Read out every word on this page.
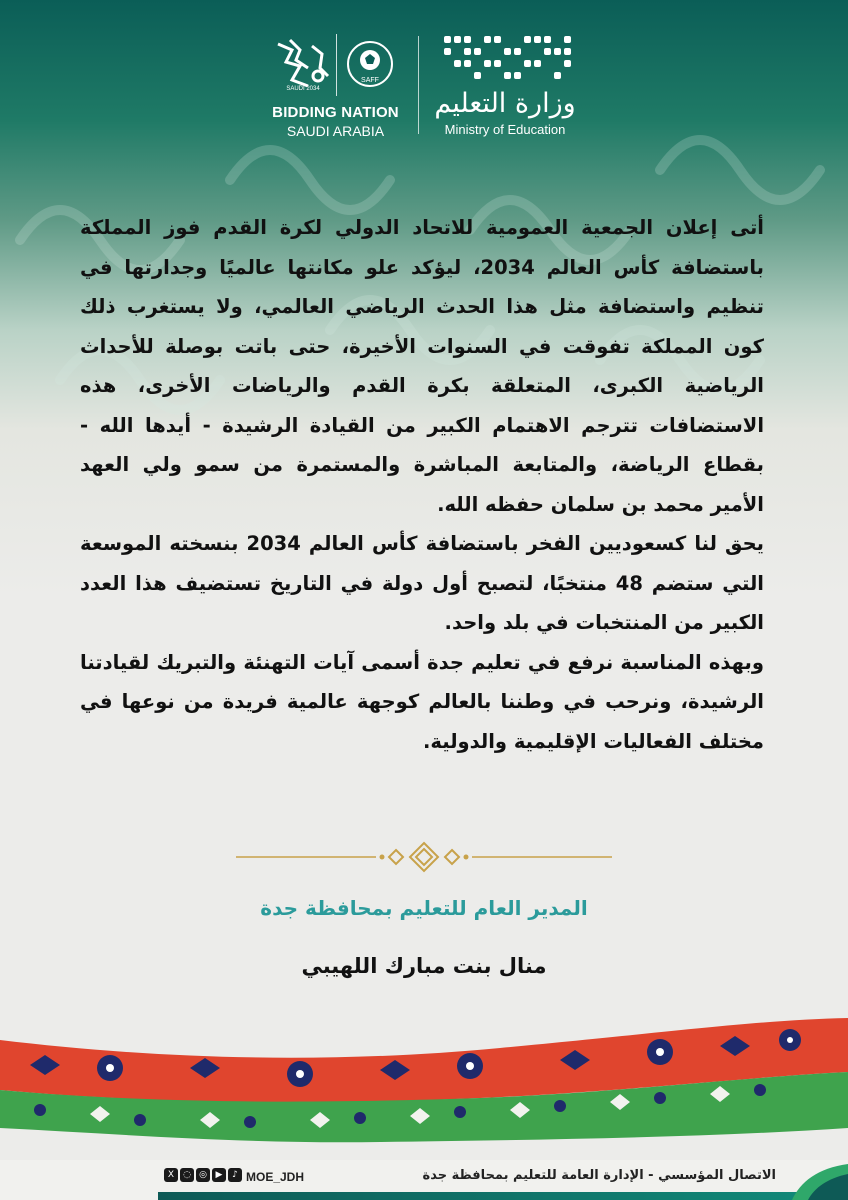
SAUDI 2034
SAFF
BIDDING NATION
SAUDI ARABIA
وزارة التعليم
Ministry of Education

أتى إعلان الجمعية العمومية للاتحاد الدولي لكرة القدم فوز المملكة باستضافة كأس العالم 2034، ليؤكد علو مكانتها عالميًا وجدارتها في تنظيم واستضافة مثل هذا الحدث الرياضي العالمي، ولا يستغرب ذلك كون المملكة تفوقت في السنوات الأخيرة، حتى باتت بوصلة للأحداث الرياضية الكبرى، المتعلقة بكرة القدم والرياضات الأخرى، هذه الاستضافات تترجم الاهتمام الكبير من القيادة الرشيدة - أيدها الله - بقطاع الرياضة، والمتابعة المباشرة والمستمرة من سمو ولي العهد الأمير محمد بن سلمان حفظه الله.

يحق لنا كسعوديين الفخر باستضافة كأس العالم 2034 بنسخته الموسعة التي ستضم 48 منتخبًا، لتصبح أول دولة في التاريخ تستضيف هذا العدد الكبير من المنتخبات في بلد واحد.

وبهذه المناسبة نرفع في تعليم جدة أسمى آيات التهنئة والتبريك لقيادتنا الرشيدة، ونرحب في وطننا بالعالم كوجهة عالمية فريدة من نوعها في مختلف الفعاليات الإقليمية والدولية.

المدير العام للتعليم بمحافظة جدة
منال بنت مبارك اللهيبي
الاتصال المؤسسي - الإدارة العامة للتعليم بمحافظة جدة
MOE_JDH
X ◌ ◎ ▶	♪
